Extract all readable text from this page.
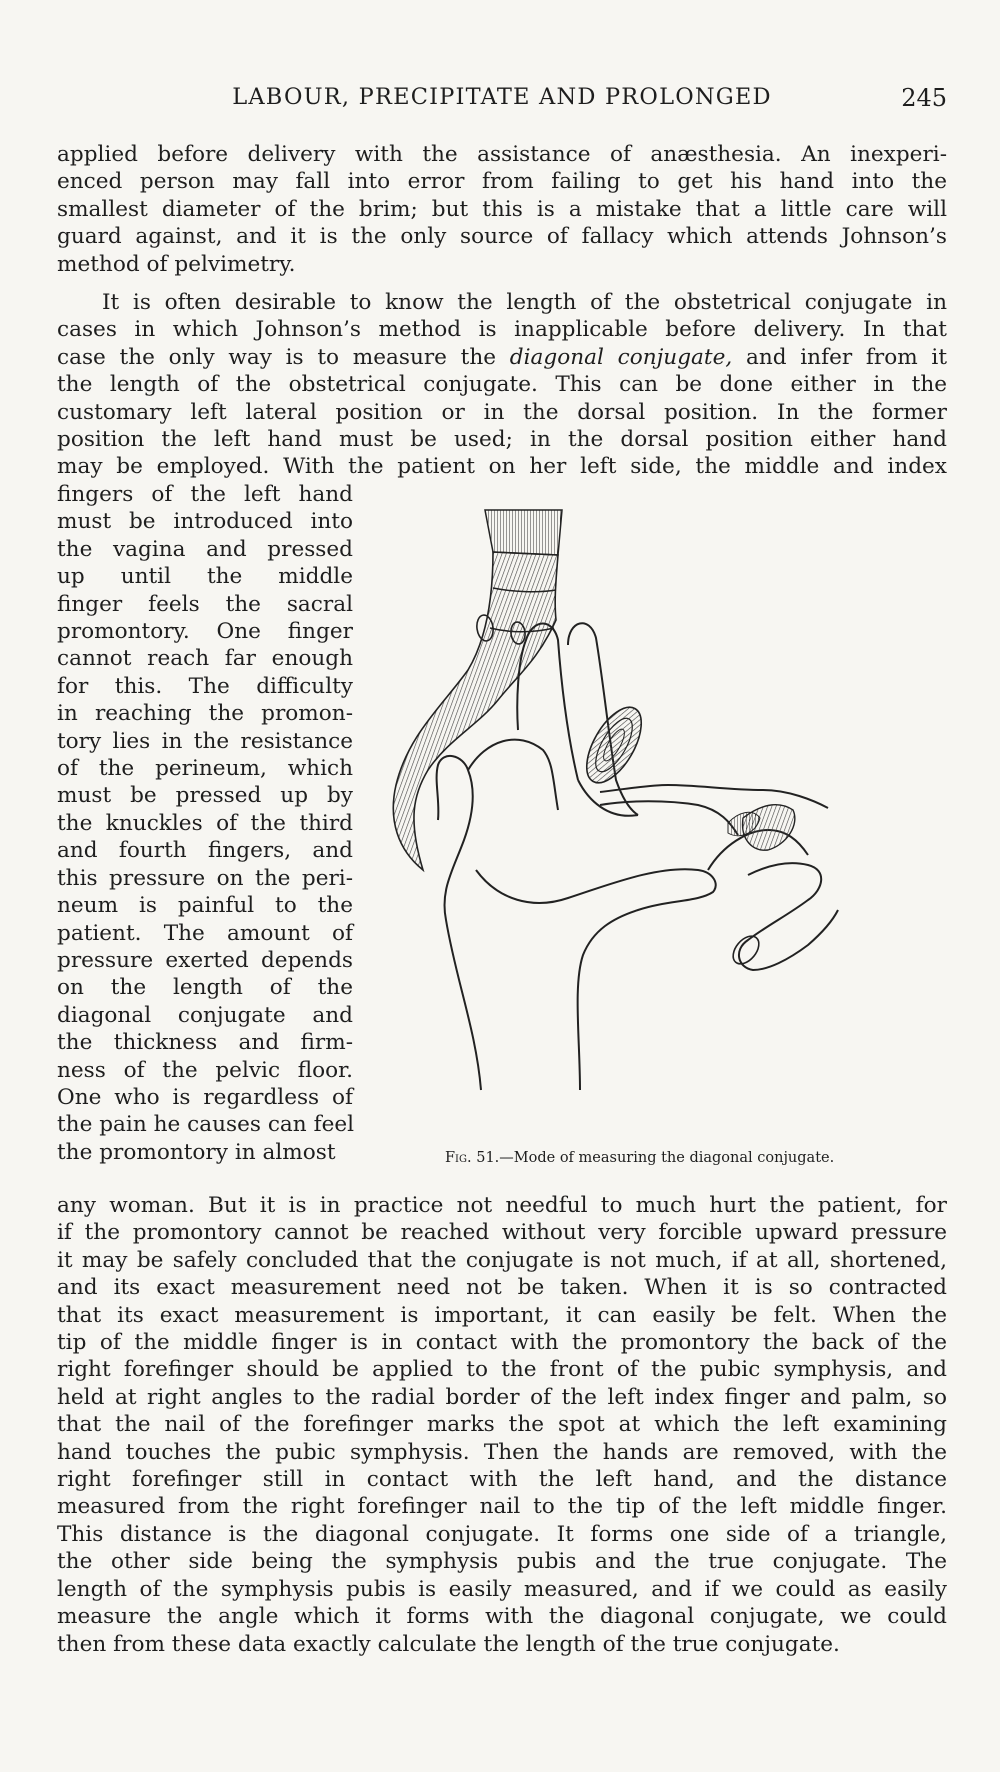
LABOUR, PRECIPITATE AND PROLONGED	245
applied before delivery with the assistance of anæsthesia. An inexperi-
enced person may fall into error from failing to get his hand into the
smallest diameter of the brim; but this is a mistake that a little care will
guard against, and it is the only source of fallacy which attends Johnson’s
method of pelvimetry.
It is often desirable to know the length of the obstetrical conjugate in
cases in which Johnson’s method is inapplicable before delivery. In that
case the only way is to measure the diagonal conjugate, and infer from it
the length of the obstetrical conjugate. This can be done either in the
customary left lateral position or in the dorsal position. In the former
position the left hand must be used; in the dorsal position either hand
may be employed. With the patient on her left side, the middle and index
fingers of the left hand
must be introduced into
the vagina and pressed
up until the middle
finger feels the sacral
promontory. One finger
cannot reach far enough
for this. The difficulty
in reaching the promon-
tory lies in the resistance
of the perineum, which
must be pressed up by
the knuckles of the third
and fourth fingers, and
this pressure on the peri-
neum is painful to the
patient. The amount of
pressure exerted depends
on the length of the
diagonal conjugate and
the thickness and firm-
ness of the pelvic floor.
One who is regardless of
the pain he causes can feel
the promontory in almost	Fig. 51.—Mode of measuring the diagonal conjugate.
any woman. But it is in practice not needful to much hurt the patient, for
if the promontory cannot be reached without very forcible upward pressure
it may be safely concluded that the conjugate is not much, if at all, shortened,
and its exact measurement need not be taken. When it is so contracted
that its exact measurement is important, it can easily be felt. When the
tip of the middle finger is in contact with the promontory the back of the
right forefinger should be applied to the front of the pubic symphysis, and
held at right angles to the radial border of the left index finger and palm, so
that the nail of the forefinger marks the spot at which the left examining
hand touches the pubic symphysis. Then the hands are removed, with the
right forefinger still in contact with the left hand, and the distance
measured from the right forefinger nail to the tip of the left middle finger.
This distance is the diagonal conjugate. It forms one side of a triangle,
the other side being the symphysis pubis and the true conjugate. The
length of the symphysis pubis is easily measured, and if we could as easily
measure the angle which it forms with the diagonal conjugate, we could
then from these data exactly calculate the length of the true conjugate.
